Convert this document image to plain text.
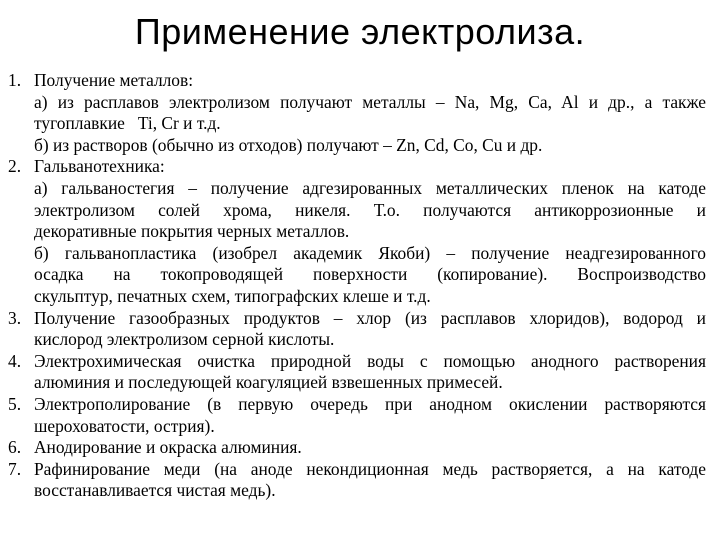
Применение электролиза.
1. Получение металлов:
а) из расплавов электролизом получают металлы – Na, Mg, Ca, Al и др., а также
тугоплавкие   Ti, Cr и т.д.
б) из растворов (обычно из отходов) получают – Zn, Cd, Co, Cu и др.
2. Гальванотехника:
а) гальваностегия – получение адгезированных металлических пленок на катоде
электролизом солей хрома, никеля. Т.о. получаются антикоррозионные и
декоративные покрытия черных металлов.
б) гальванопластика (изобрел академик Якоби) – получение неадгезированного
осадка на токопроводящей поверхности (копирование). Воспроизводство
скульптур, печатных схем, типографских клеше и т.д.
3. Получение газообразных продуктов – хлор (из расплавов хлоридов), водород и
кислород электролизом серной кислоты.
4. Электрохимическая очистка природной воды с помощью анодного растворения
алюминия и последующей коагуляцией взвешенных примесей.
5. Электрополирование (в первую очередь при анодном окислении растворяются
шероховатости, острия).
6. Анодирование и окраска алюминия.
7. Рафинирование меди (на аноде некондиционная медь растворяется, а на катоде
восстанавливается чистая медь).
